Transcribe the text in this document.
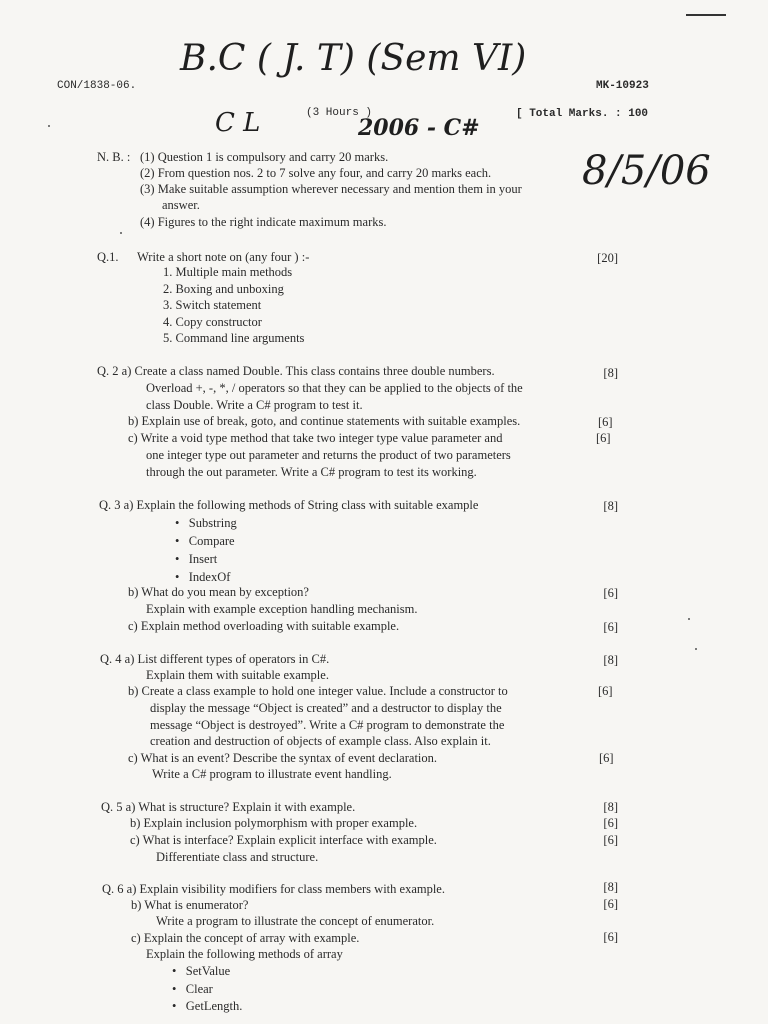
CON/1838-06.	MK-10923
B.C ( J. T) (Sem VI)
C L	2006 - C#
8/5/06
(3 Hours )	[ Total Marks. : 100
N. B. : (1) Question 1 is compulsory and carry 20 marks.
(2) From question nos. 2 to 7 solve any four, and carry 20 marks each.
(3) Make suitable assumption wherever necessary and mention them in your
answer.
(4) Figures to the right indicate maximum marks.
Q.1. Write a short note on (any four ) :-	[20]
1. Multiple main methods
2. Boxing and unboxing
3. Switch statement
4. Copy constructor
5. Command line arguments
Q. 2 a) Create a class named Double. This class contains three double numbers.	[8]
Overload +, -, *, / operators so that they can be applied to the objects of the
class Double. Write a C# program to test it.
b) Explain use of break, goto, and continue statements with suitable examples.	[6]
c) Write a void type method that take two integer type value parameter and	[6]
one integer type out parameter and returns the product of two parameters
through the out parameter. Write a C# program to test its working.
Q. 3 a) Explain the following methods of String class with suitable example	[8]
•   Substring
•   Compare
•   Insert
•   IndexOf
b) What do you mean by exception?	[6]
Explain with example exception handling mechanism.
c) Explain method overloading with suitable example.	[6]
Q. 4 a) List different types of operators in C#.	[8]
Explain them with suitable example.
b) Create a class example to hold one integer value. Include a constructor to	[6]
display the message “Object is created” and a destructor to display the
message “Object is destroyed”. Write a C# program to demonstrate the
creation and destruction of objects of example class. Also explain it.
c) What is an event? Describe the syntax of event declaration.	[6]
Write a C# program to illustrate event handling.
Q. 5 a) What is structure? Explain it with example.	[8]
b) Explain inclusion polymorphism with proper example.	[6]
c) What is interface? Explain explicit interface with example.	[6]
Differentiate class and structure.
Q. 6 a) Explain visibility modifiers for class members with example.	[8]
b) What is enumerator?	[6]
Write a program to illustrate the concept of enumerator.
c) Explain the concept of array with example.	[6]
Explain the following methods of array
•   SetValue
•   Clear
•   GetLength.
